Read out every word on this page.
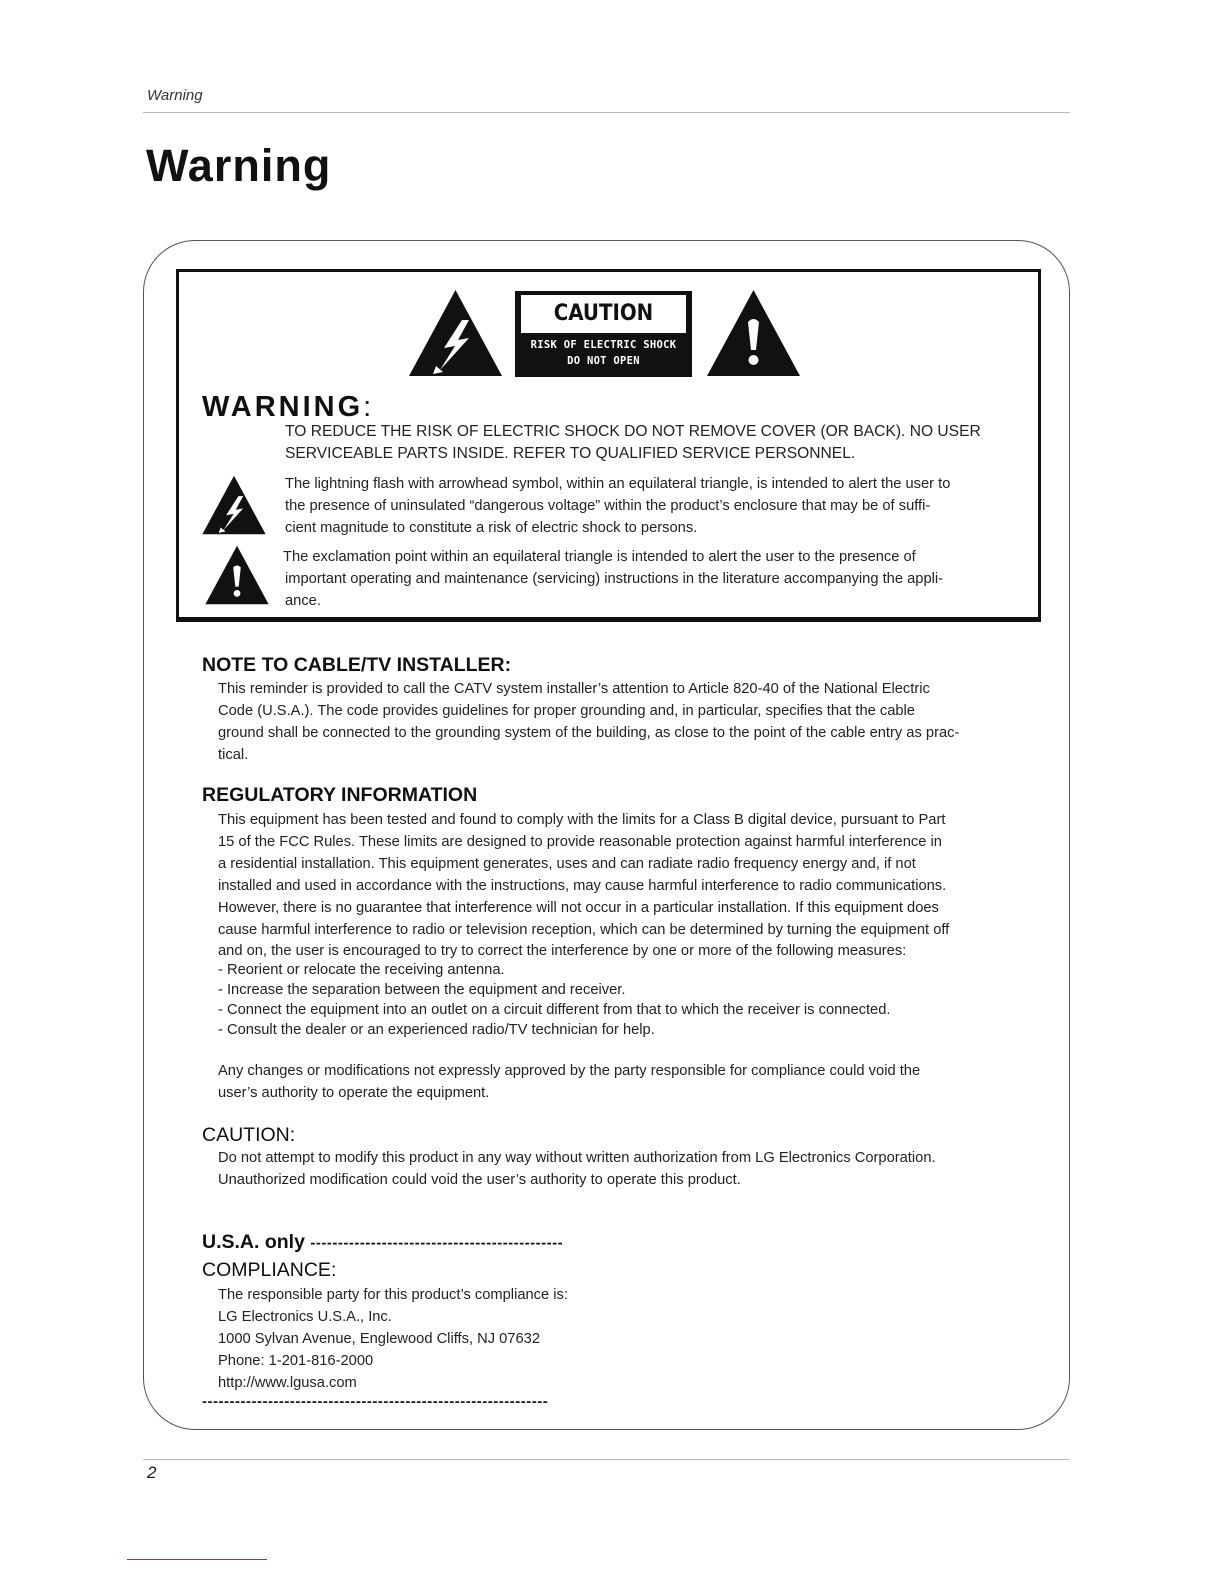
Warning
Warning
CAUTION
RISK OF ELECTRIC SHOCK
DO NOT OPEN
WARNING:
TO REDUCE THE RISK OF ELECTRIC SHOCK DO NOT REMOVE COVER (OR BACK). NO USER
SERVICEABLE PARTS INSIDE. REFER TO QUALIFIED SERVICE PERSONNEL.
The lightning flash with arrowhead symbol, within an equilateral triangle, is intended to alert the user to
the presence of uninsulated “dangerous voltage” within the product’s enclosure that may be of suffi-
cient magnitude to constitute a risk of electric shock to persons.
The exclamation point within an equilateral triangle is intended to alert the user to the presence of
important operating and maintenance (servicing) instructions in the literature accompanying the appli-
ance.
NOTE TO CABLE/TV INSTALLER:
This reminder is provided to call the CATV system installer’s attention to Article 820-40 of the National Electric
Code (U.S.A.). The code provides guidelines for proper grounding and, in particular, specifies that the cable
ground shall be connected to the grounding system of the building, as close to the point of the cable entry as prac-
tical.
REGULATORY INFORMATION
This equipment has been tested and found to comply with the limits for a Class B digital device, pursuant to Part
15 of the FCC Rules. These limits are designed to provide reasonable protection against harmful interference in
a residential installation. This equipment generates, uses and can radiate radio frequency energy and, if not
installed and used in accordance with the instructions, may cause harmful interference to radio communications.
However, there is no guarantee that interference will not occur in a particular installation. If this equipment does
cause harmful interference to radio or television reception, which can be determined by turning the equipment off
and on, the user is encouraged to try to correct the interference by one or more of the following measures:
- Reorient or relocate the receiving antenna.
- Increase the separation between the equipment and receiver.
- Connect the equipment into an outlet on a circuit different from that to which the receiver is connected.
- Consult the dealer or an experienced radio/TV technician for help.
Any changes or modifications not expressly approved by the party responsible for compliance could void the
user’s authority to operate the equipment.
CAUTION:
Do not attempt to modify this product in any way without written authorization from LG Electronics Corporation.
Unauthorized modification could void the user’s authority to operate this product.
U.S.A. only ----------------------------------------------
COMPLIANCE:
The responsible party for this product’s compliance is:
LG Electronics U.S.A., Inc.
1000 Sylvan Avenue, Englewood Cliffs, NJ 07632
Phone: 1-201-816-2000
http://www.lgusa.com
---------------------------------------------------------------
2
